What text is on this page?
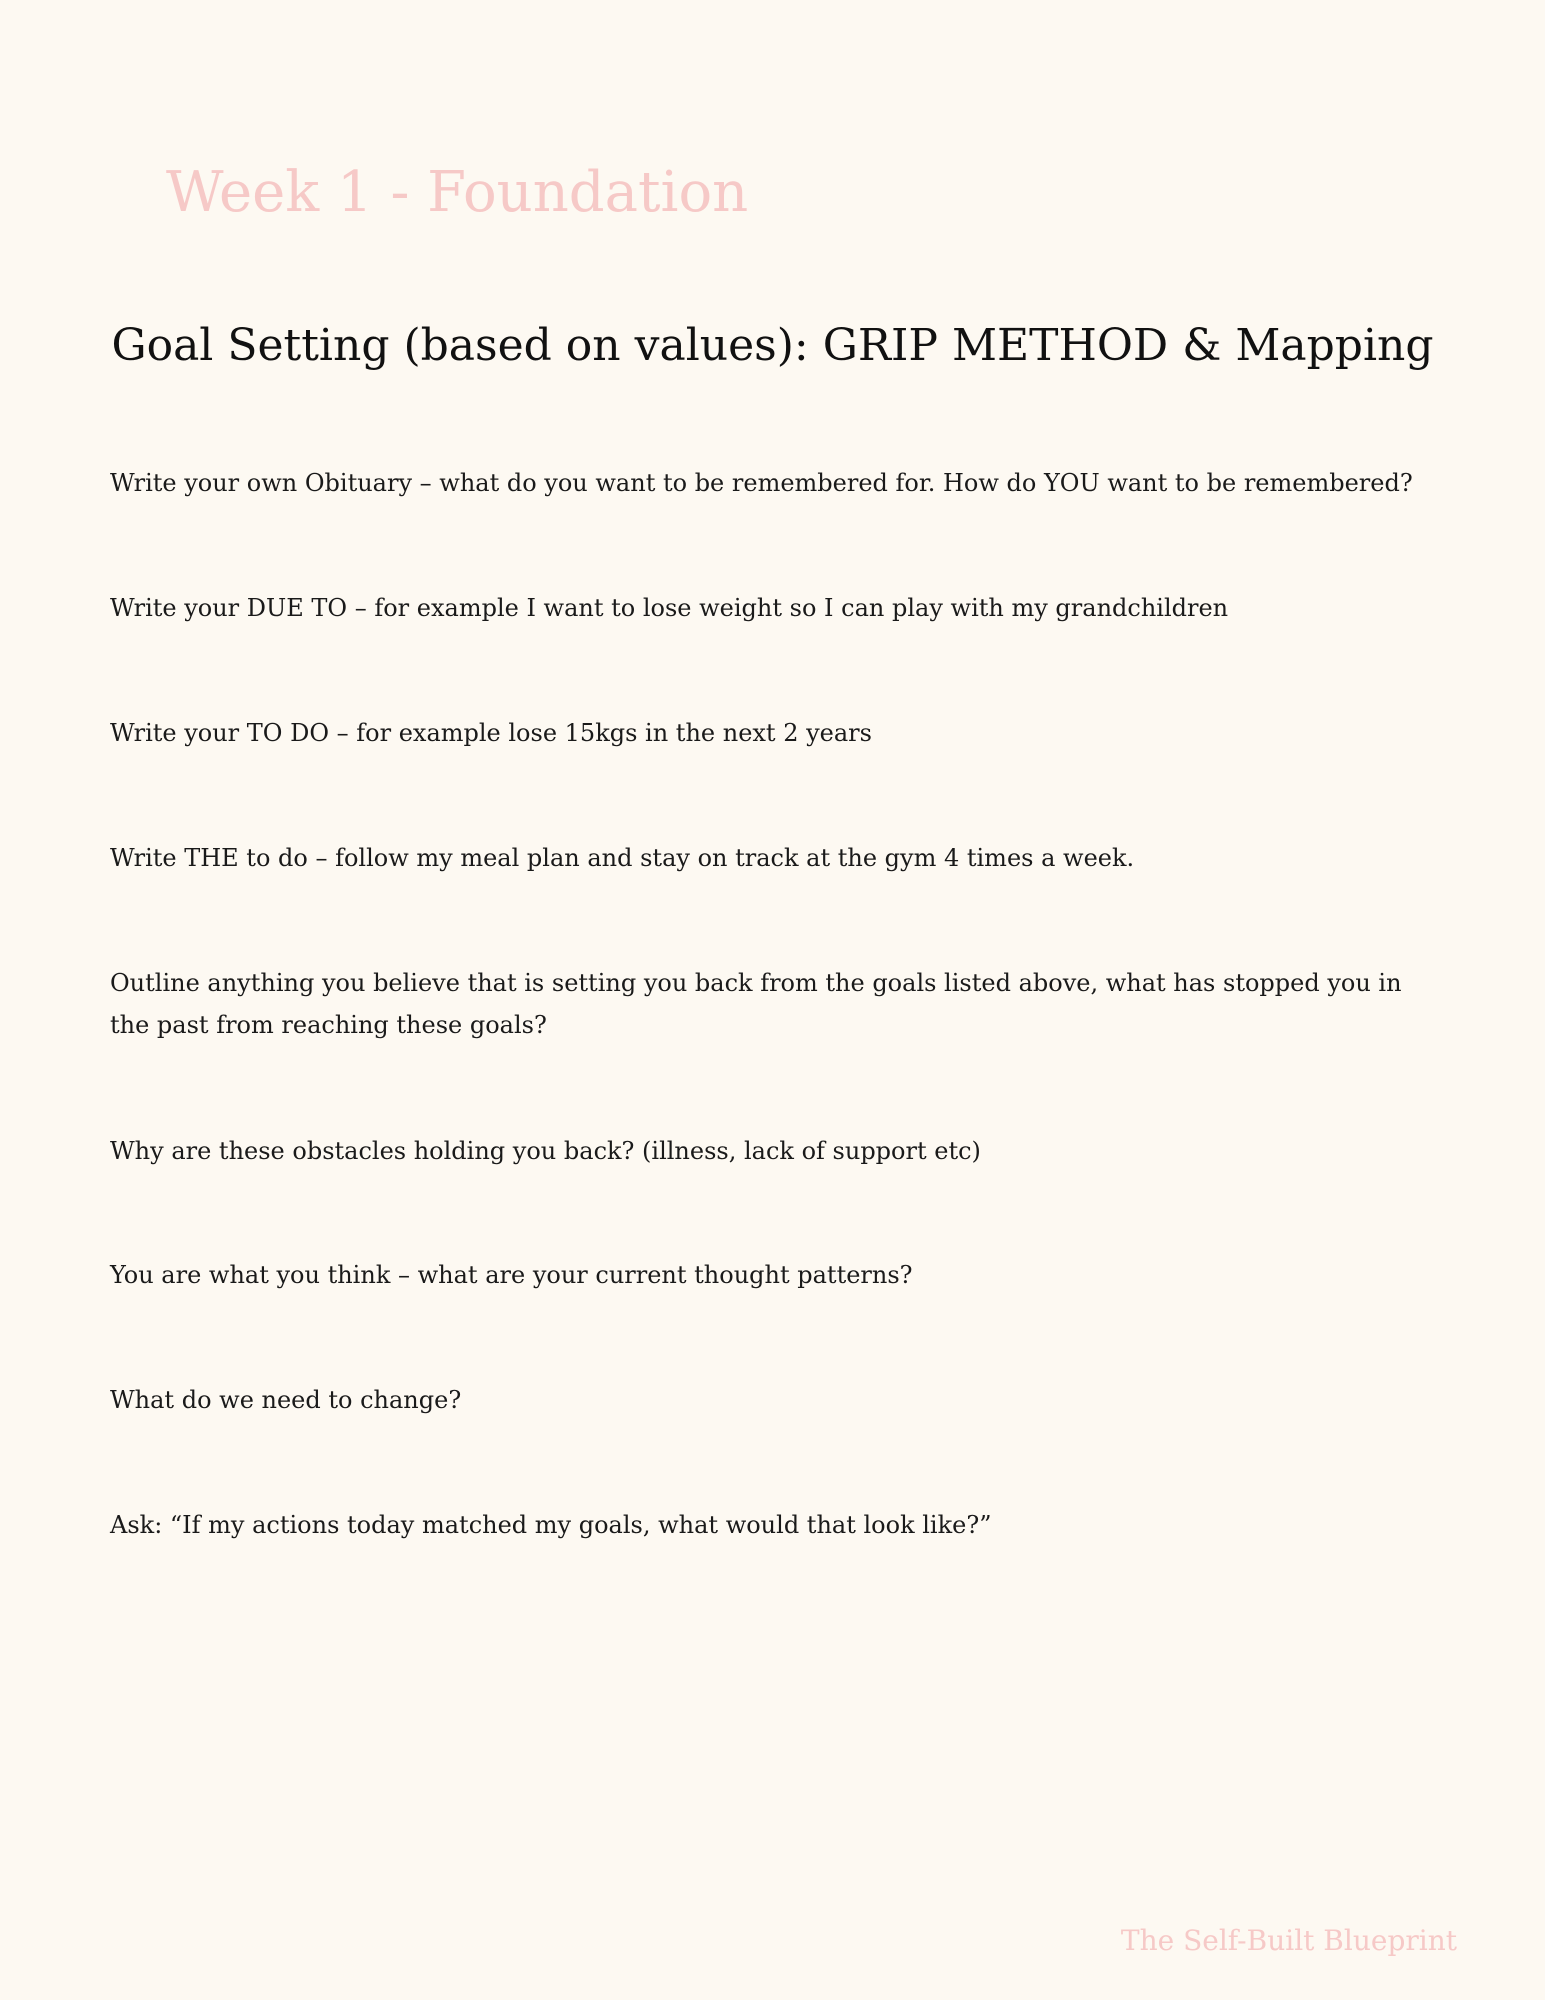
Week 1 - Foundation
Goal Setting (based on values): GRIP METHOD & Mapping
Write your own Obituary – what do you want to be remembered for. How do YOU want to be remembered?
Write your DUE TO – for example I want to lose weight so I can play with my grandchildren
Write your TO DO – for example lose 15kgs in the next 2 years
Write THE to do – follow my meal plan and stay on track at the gym 4 times a week.
Outline anything you believe that is setting you back from the goals listed above, what has stopped you in the past from reaching these goals?
Why are these obstacles holding you back? (illness, lack of support etc)
You are what you think – what are your current thought patterns?
What do we need to change?
Ask: “If my actions today matched my goals, what would that look like?”

The Self-Built Blueprint
